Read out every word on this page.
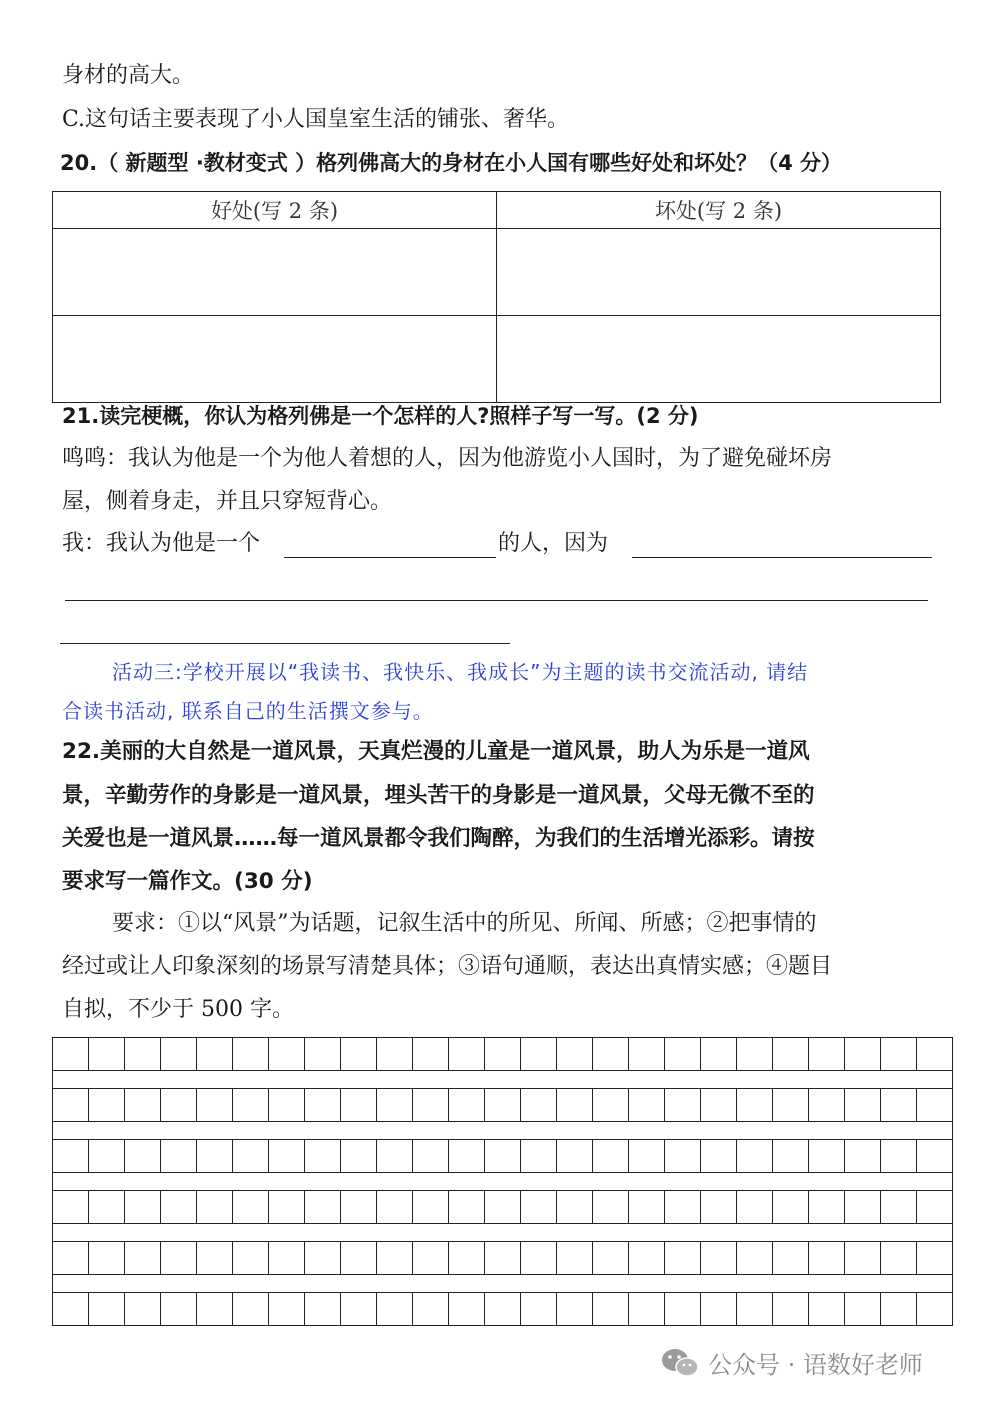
身材的高大。
C.这句话主要表现了小人国皇室生活的铺张、奢华。
20.（ 新题型 ·教材变式 ）格列佛高大的身材在小人国有哪些好处和坏处？（4 分）
好处(写 2 条)	坏处(写 2 条)

21.读完梗概，你认为格列佛是一个怎样的人?照样子写一写。(2 分)
鸣鸣：我认为他是一个为他人着想的人，因为他游览小人国时，为了避免碰坏房
屋，侧着身走，并且只穿短背心。
我：我认为他是一个	的人，因为
活动三:学校开展以“我读书、我快乐、我成长”为主题的读书交流活动, 请结
合读书活动, 联系自己的生活撰文参与。
22.美丽的大自然是一道风景，天真烂漫的儿童是一道风景，助人为乐是一道风
景，辛勤劳作的身影是一道风景，埋头苦干的身影是一道风景，父母无微不至的
关爱也是一道风景……每一道风景都令我们陶醉，为我们的生活增光添彩。请按
要求写一篇作文。(30 分)
要求：①以“风景”为话题，记叙生活中的所见、所闻、所感；②把事情的
经过或让人印象深刻的场景写清楚具体；③语句通顺，表达出真情实感；④题目
自拟，不少于 500 字。
公众号 · 语数好老师
